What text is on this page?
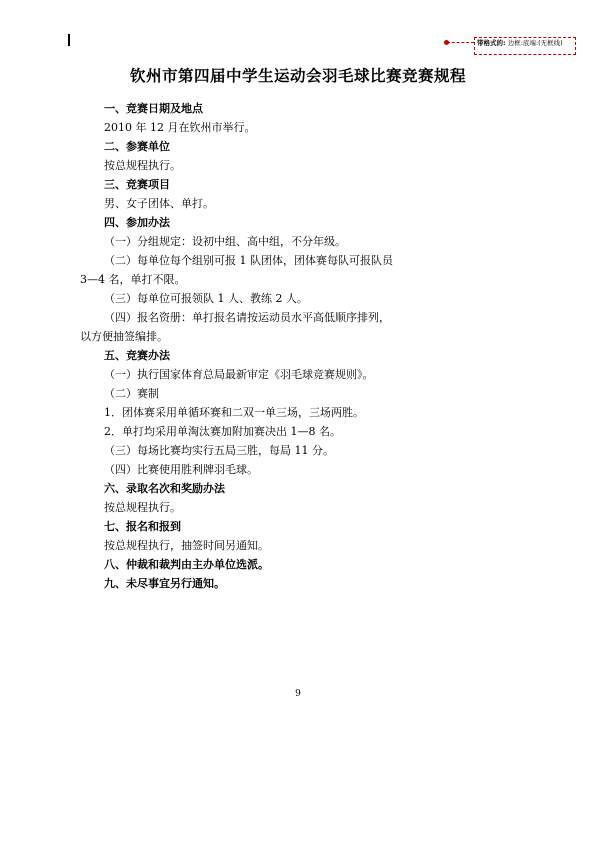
带格式的: 边框:底端:(无框线)
钦州市第四届中学生运动会羽毛球比赛竞赛规程
一、竞赛日期及地点
2010 年 12 月在钦州市举行。
二、参赛单位
按总规程执行。
三、竞赛项目
男、女子团体、单打。
四、参加办法
（一）分组规定：设初中组、高中组，不分年级。
（二）每单位每个组别可报 1 队团体，团体赛每队可报队员
3—4 名，单打不限。
（三）每单位可报领队 1 人、教练 2 人。
（四）报名资册：单打报名请按运动员水平高低顺序排列，
以方便抽签编排。
五、竞赛办法
（一）执行国家体育总局最新审定《羽毛球竞赛规则》。
（二）赛制
1．团体赛采用单循环赛和二双一单三场，三场两胜。
2．单打均采用单淘汰赛加附加赛决出 1—8 名。
（三）每场比赛均实行五局三胜，每局 11 分。
（四）比赛使用胜利牌羽毛球。
六、录取名次和奖励办法
按总规程执行。
七、报名和报到
按总规程执行，抽签时间另通知。
八、仲裁和裁判由主办单位选派。
九、未尽事宜另行通知。
9
